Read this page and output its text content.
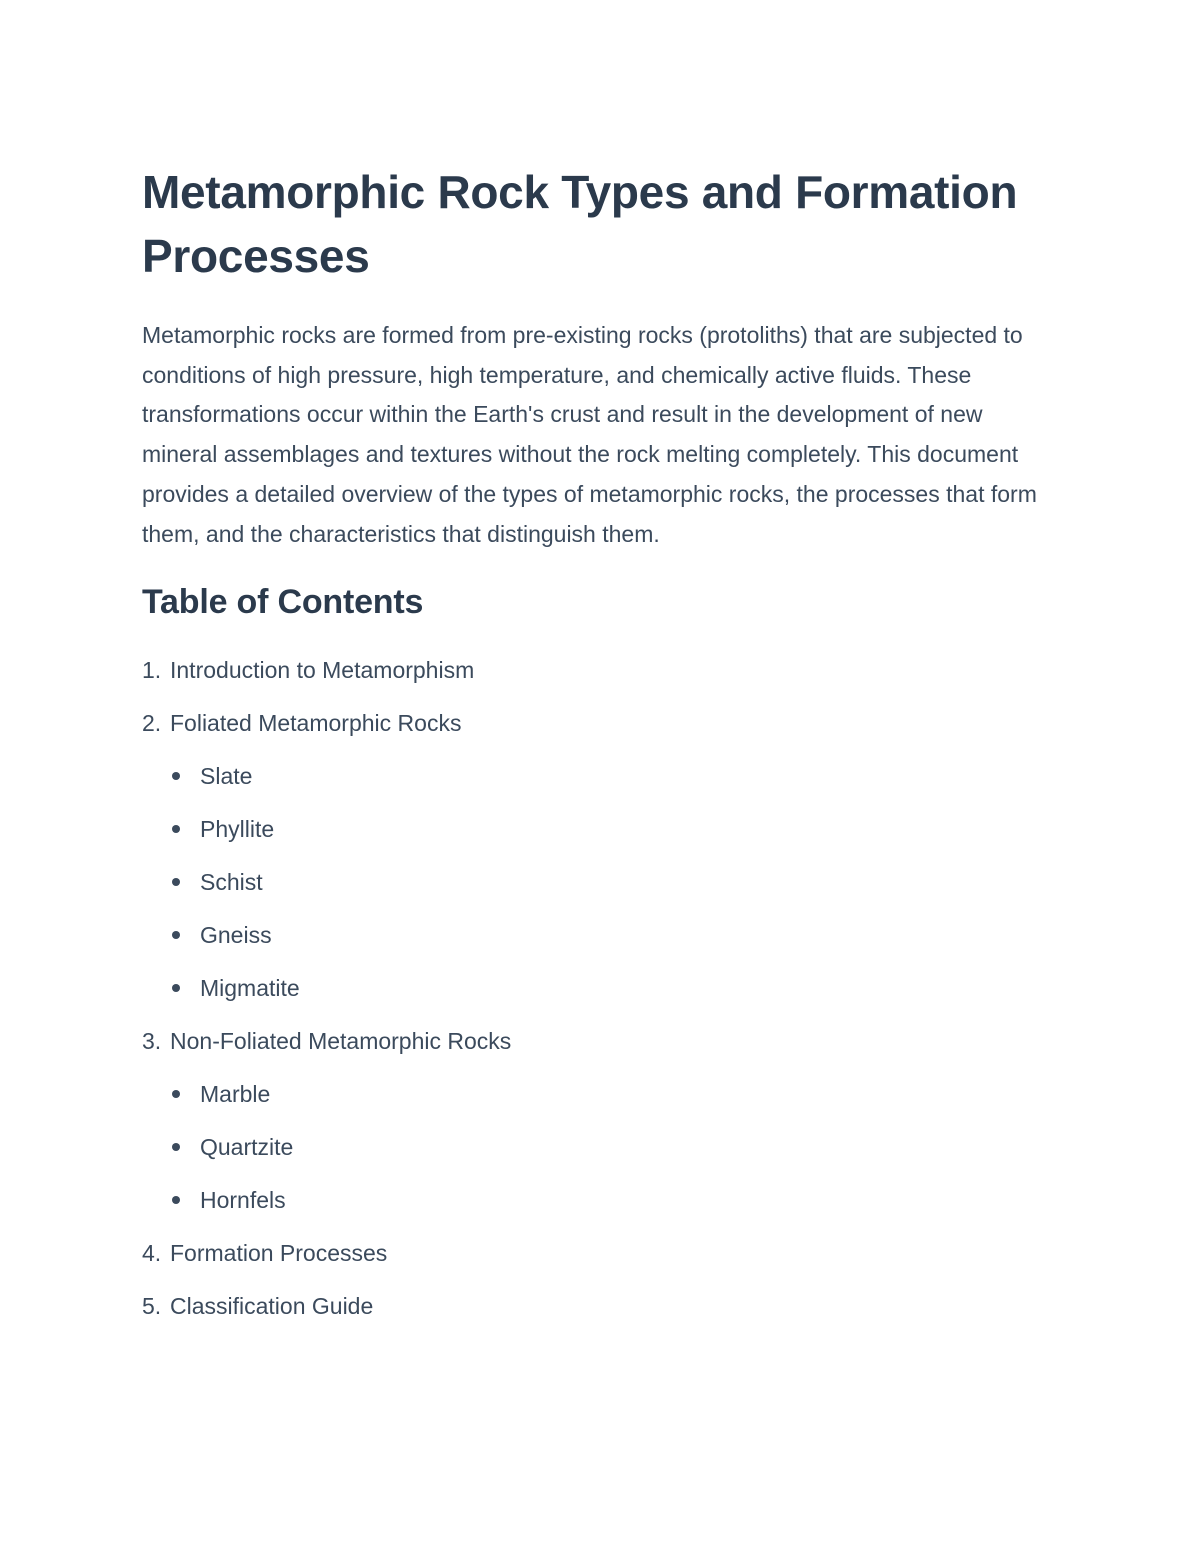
Metamorphic Rock Types and Formation Processes

Metamorphic rocks are formed from pre-existing rocks (protoliths) that are subjected to conditions of high pressure, high temperature, and chemically active fluids. These transformations occur within the Earth's crust and result in the development of new mineral assemblages and textures without the rock melting completely. This document provides a detailed overview of the types of metamorphic rocks, the processes that form them, and the characteristics that distinguish them.

Table of Contents
1. Introduction to Metamorphism
2. Foliated Metamorphic Rocks
Slate
Phyllite
Schist
Gneiss
Migmatite
3. Non-Foliated Metamorphic Rocks
Marble
Quartzite
Hornfels
4. Formation Processes
5. Classification Guide
